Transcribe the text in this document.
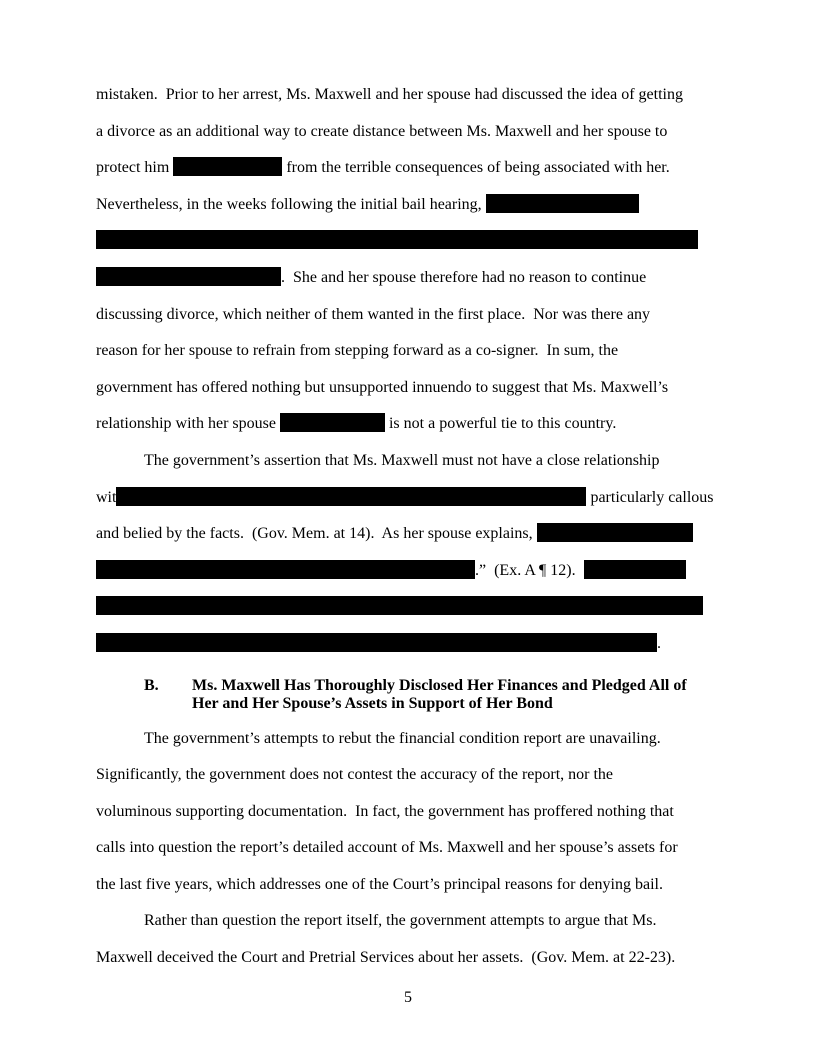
mistaken.  Prior to her arrest, Ms. Maxwell and her spouse had discussed the idea of getting
a divorce as an additional way to create distance between Ms. Maxwell and her spouse to
protect him	from the terrible consequences of being associated with her.
Nevertheless, in the weeks following the initial bail hearing,
.  She and her spouse therefore had no reason to continue
discussing divorce, which neither of them wanted in the first place.  Nor was there any
reason for her spouse to refrain from stepping forward as a co-signer.  In sum, the
government has offered nothing but unsupported innuendo to suggest that Ms. Maxwell’s
relationship with her spouse	is not a powerful tie to this country.
The government’s assertion that Ms. Maxwell must not have a close relationship
wit	particularly callous
and belied by the facts.  (Gov. Mem. at 14).  As her spouse explains,
.”  (Ex. A ¶ 12).
.
B.	Ms. Maxwell Has Thoroughly Disclosed Her Finances and Pledged All of
Her and Her Spouse’s Assets in Support of Her Bond
The government’s attempts to rebut the financial condition report are unavailing.
Significantly, the government does not contest the accuracy of the report, nor the
voluminous supporting documentation.  In fact, the government has proffered nothing that
calls into question the report’s detailed account of Ms. Maxwell and her spouse’s assets for
the last five years, which addresses one of the Court’s principal reasons for denying bail.
Rather than question the report itself, the government attempts to argue that Ms.
Maxwell deceived the Court and Pretrial Services about her assets.  (Gov. Mem. at 22-23).
5
